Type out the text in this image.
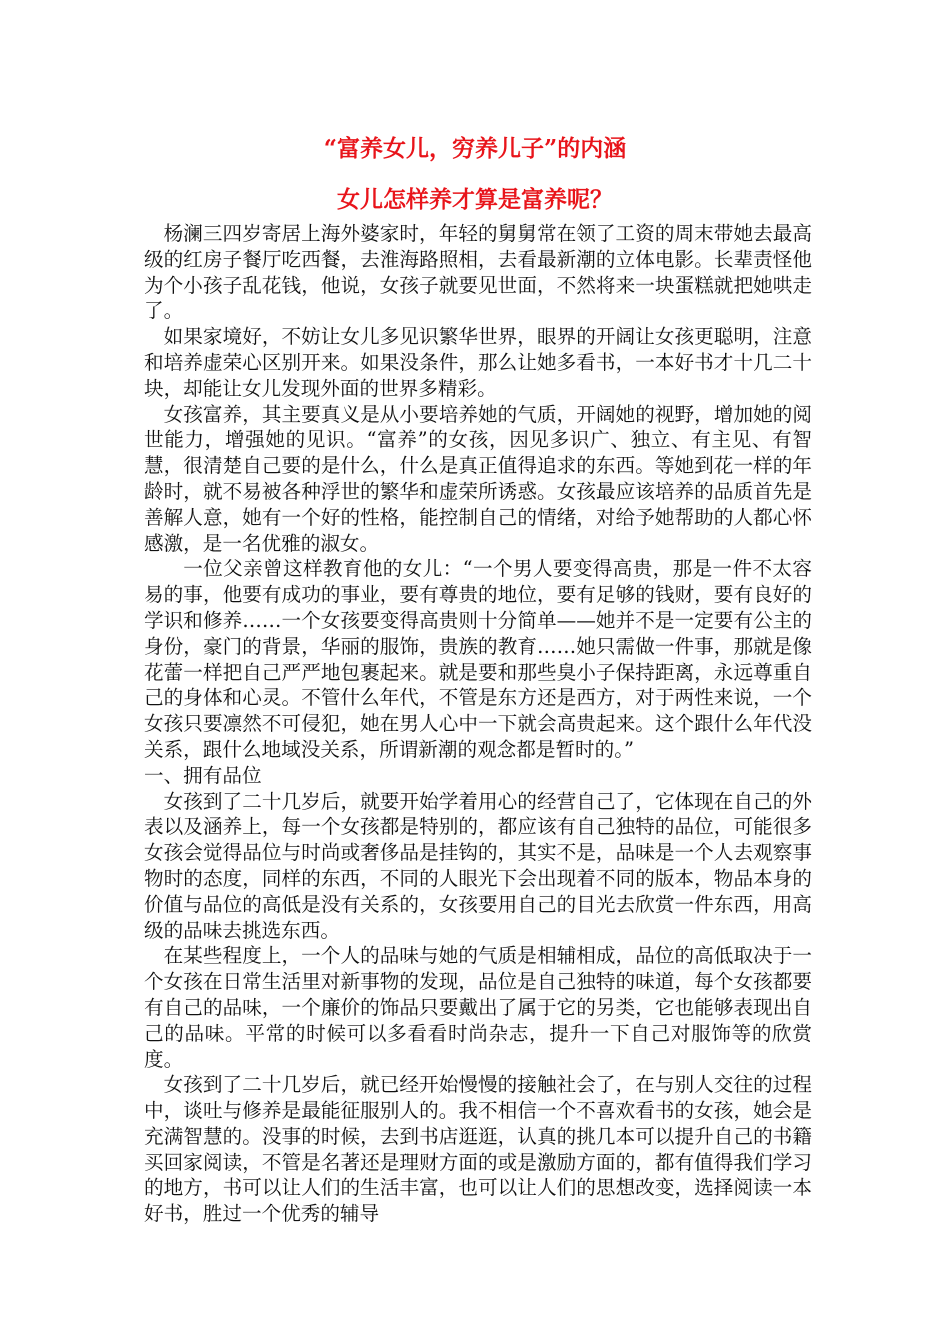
“富养女儿，穷养儿子”的内涵
女儿怎样养才算是富养呢？

杨澜三四岁寄居上海外婆家时，年轻的舅舅常在领了工资的周末带她去最高级的红房子餐厅吃西餐，去淮海路照相，去看最新潮的立体电影。长辈责怪他为个小孩子乱花钱，他说，女孩子就要见世面，不然将来一块蛋糕就把她哄走了。

如果家境好，不妨让女儿多见识繁华世界，眼界的开阔让女孩更聪明，注意和培养虚荣心区别开来。如果没条件，那么让她多看书，一本好书才十几二十块，却能让女儿发现外面的世界多精彩。

女孩富养，其主要真义是从小要培养她的气质，开阔她的视野，增加她的阅世能力，增强她的见识。“富养”的女孩，因见多识广、独立、有主见、有智慧，很清楚自己要的是什么，什么是真正值得追求的东西。等她到花一样的年龄时，就不易被各种浮世的繁华和虚荣所诱惑。女孩最应该培养的品质首先是善解人意，她有一个好的性格，能控制自己的情绪，对给予她帮助的人都心怀感激，是一名优雅的淑女。

一位父亲曾这样教育他的女儿：“一个男人要变得高贵，那是一件不太容易的事，他要有成功的事业，要有尊贵的地位，要有足够的钱财，要有良好的学识和修养……一个女孩要变得高贵则十分简单——她并不是一定要有公主的身份，豪门的背景，华丽的服饰，贵族的教育……她只需做一件事，那就是像花蕾一样把自己严严地包裹起来。就是要和那些臭小子保持距离，永远尊重自己的身体和心灵。不管什么年代，不管是东方还是西方，对于两性来说，一个女孩只要凛然不可侵犯，她在男人心中一下就会高贵起来。这个跟什么年代没关系，跟什么地域没关系，所谓新潮的观念都是暂时的。”

一、拥有品位

女孩到了二十几岁后，就要开始学着用心的经营自己了，它体现在自己的外表以及涵养上，每一个女孩都是特别的，都应该有自己独特的品位，可能很多女孩会觉得品位与时尚或奢侈品是挂钩的，其实不是，品味是一个人去观察事物时的态度，同样的东西，不同的人眼光下会出现着不同的版本，物品本身的价值与品位的高低是没有关系的，女孩要用自己的目光去欣赏一件东西，用高级的品味去挑选东西。

在某些程度上，一个人的品味与她的气质是相辅相成，品位的高低取决于一个女孩在日常生活里对新事物的发现，品位是自己独特的味道，每个女孩都要有自己的品味，一个廉价的饰品只要戴出了属于它的另类，它也能够表现出自己的品味。平常的时候可以多看看时尚杂志，提升一下自己对服饰等的欣赏度。

女孩到了二十几岁后，就已经开始慢慢的接触社会了，在与别人交往的过程中，谈吐与修养是最能征服别人的。我不相信一个不喜欢看书的女孩，她会是充满智慧的。没事的时候，去到书店逛逛，认真的挑几本可以提升自己的书籍买回家阅读，不管是名著还是理财方面的或是激励方面的，都有值得我们学习的地方，书可以让人们的生活丰富，也可以让人们的思想改变，选择阅读一本好书，胜过一个优秀的辅导
